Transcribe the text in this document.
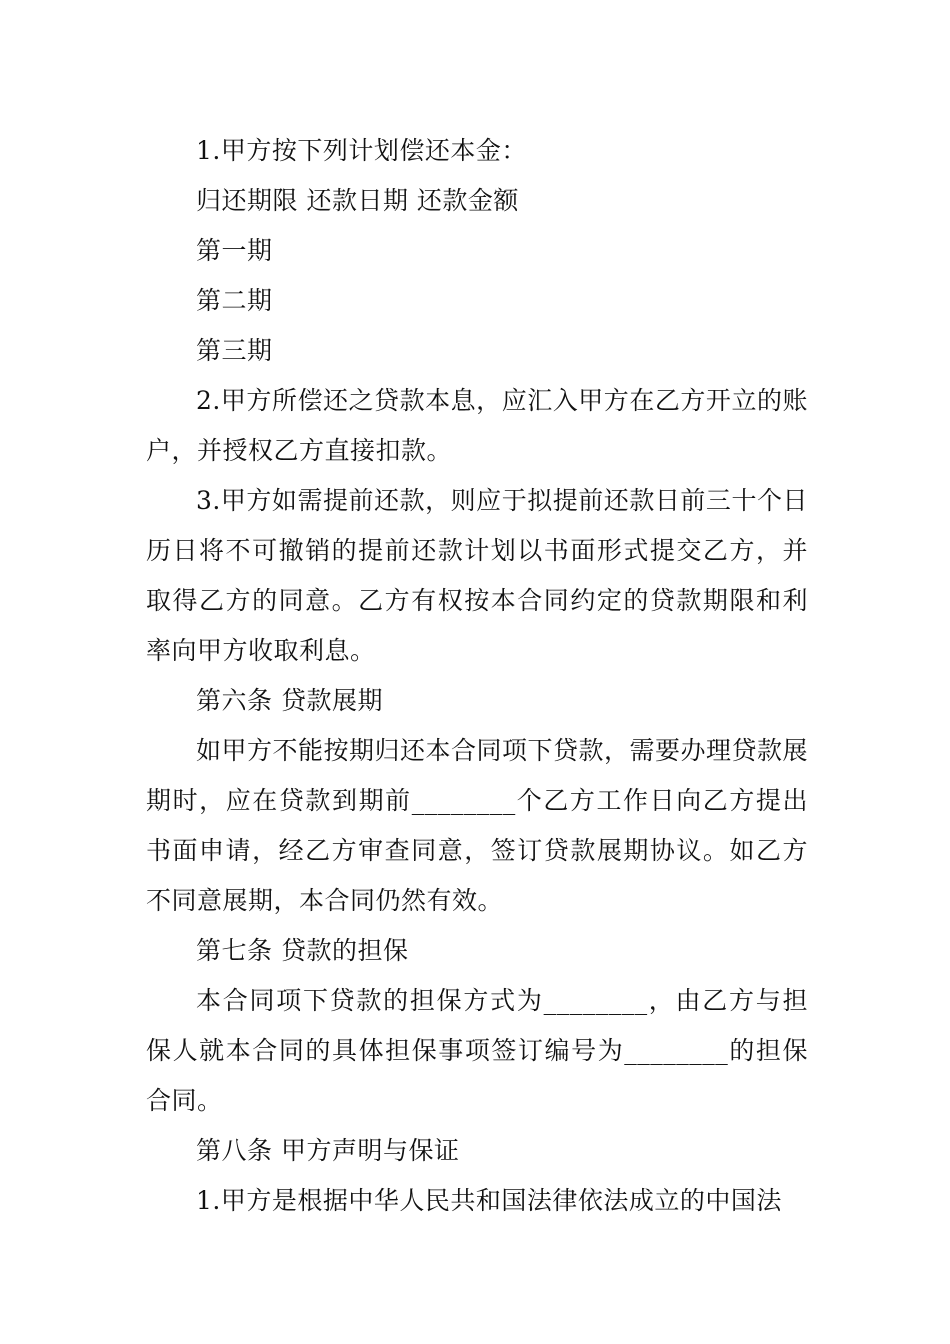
1.甲方按下列计划偿还本金：

归还期限 还款日期 还款金额

第一期

第二期

第三期

2.甲方所偿还之贷款本息，应汇入甲方在乙方开立的账户，并授权乙方直接扣款。

3.甲方如需提前还款，则应于拟提前还款日前三十个日历日将不可撤销的提前还款计划以书面形式提交乙方，并取得乙方的同意。乙方有权按本合同约定的贷款期限和利率向甲方收取利息。

第六条 贷款展期

如甲方不能按期归还本合同项下贷款，需要办理贷款展期时，应在贷款到期前________个乙方工作日向乙方提出书面申请，经乙方审查同意，签订贷款展期协议。如乙方不同意展期，本合同仍然有效。

第七条 贷款的担保

本合同项下贷款的担保方式为________，由乙方与担保人就本合同的具体担保事项签订编号为________的担保合同。

第八条 甲方声明与保证

1.甲方是根据中华人民共和国法律依法成立的中国法
